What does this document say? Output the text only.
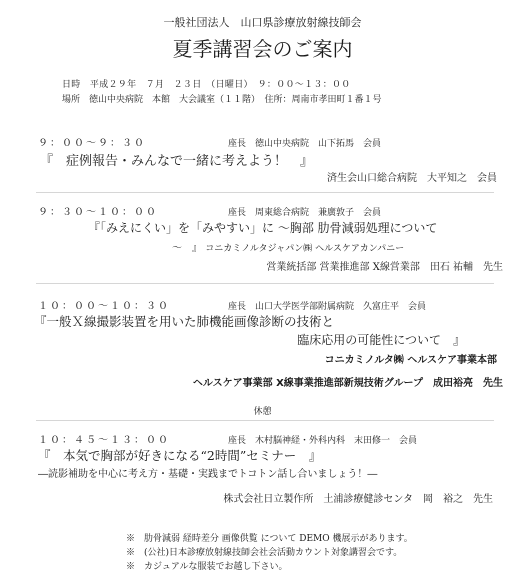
一般社団法人　山口県診療放射線技師会
夏季講習会のご案内
日時　平成２９年　７月　２３日　（日曜日）　９：００～１３：００
場所　徳山中央病院　本館　大会議室（１１階）　住所：周南市孝田町１番１号
９：００～９：３０	座長　徳山中央病院　山下拓馬　会員
『　症例報告・みんなで一緒に考えよう！　』
済生会山口総合病院　大平知之　会員
９：３０～１０：００	座長　周東総合病院　兼廣敦子　会員
『「みえにくい」を「みやすい」に ～胸部 肋骨減弱処理について
～　』 コニカミノルタジャパン㈱ ヘルスケアカンパニー
営業統括部 営業推進部 X線営業部　田石 祐輔　先生
１０：００～１０：３０	座長　山口大学医学部附属病院　久富庄平　会員
『一般Ｘ線撮影装置を用いた肺機能画像診断の技術と
臨床応用の可能性について　』
コニカミノルタ㈱ ヘルスケア事業本部
ヘルスケア事業部 X線事業推進部新規技術グループ　成田裕亮　先生
休憩
１０：４５～１３：００	座長　木村脳神経・外科内科　末田修一　会員
『　本気で胸部が好きになる“2時間”セミナー　』
―読影補助を中心に考え方・基礎・実践までトコトン話し合いましょう！―
株式会社日立製作所　土浦診療健診センタ　岡　裕之　先生
※　肋骨減弱 経時差分 画像供覧 について DEMO 機展示があります。
※　(公社)日本診療放射線技師会社会活動カウント対象講習会です。
※　カジュアルな服装でお越し下さい。
